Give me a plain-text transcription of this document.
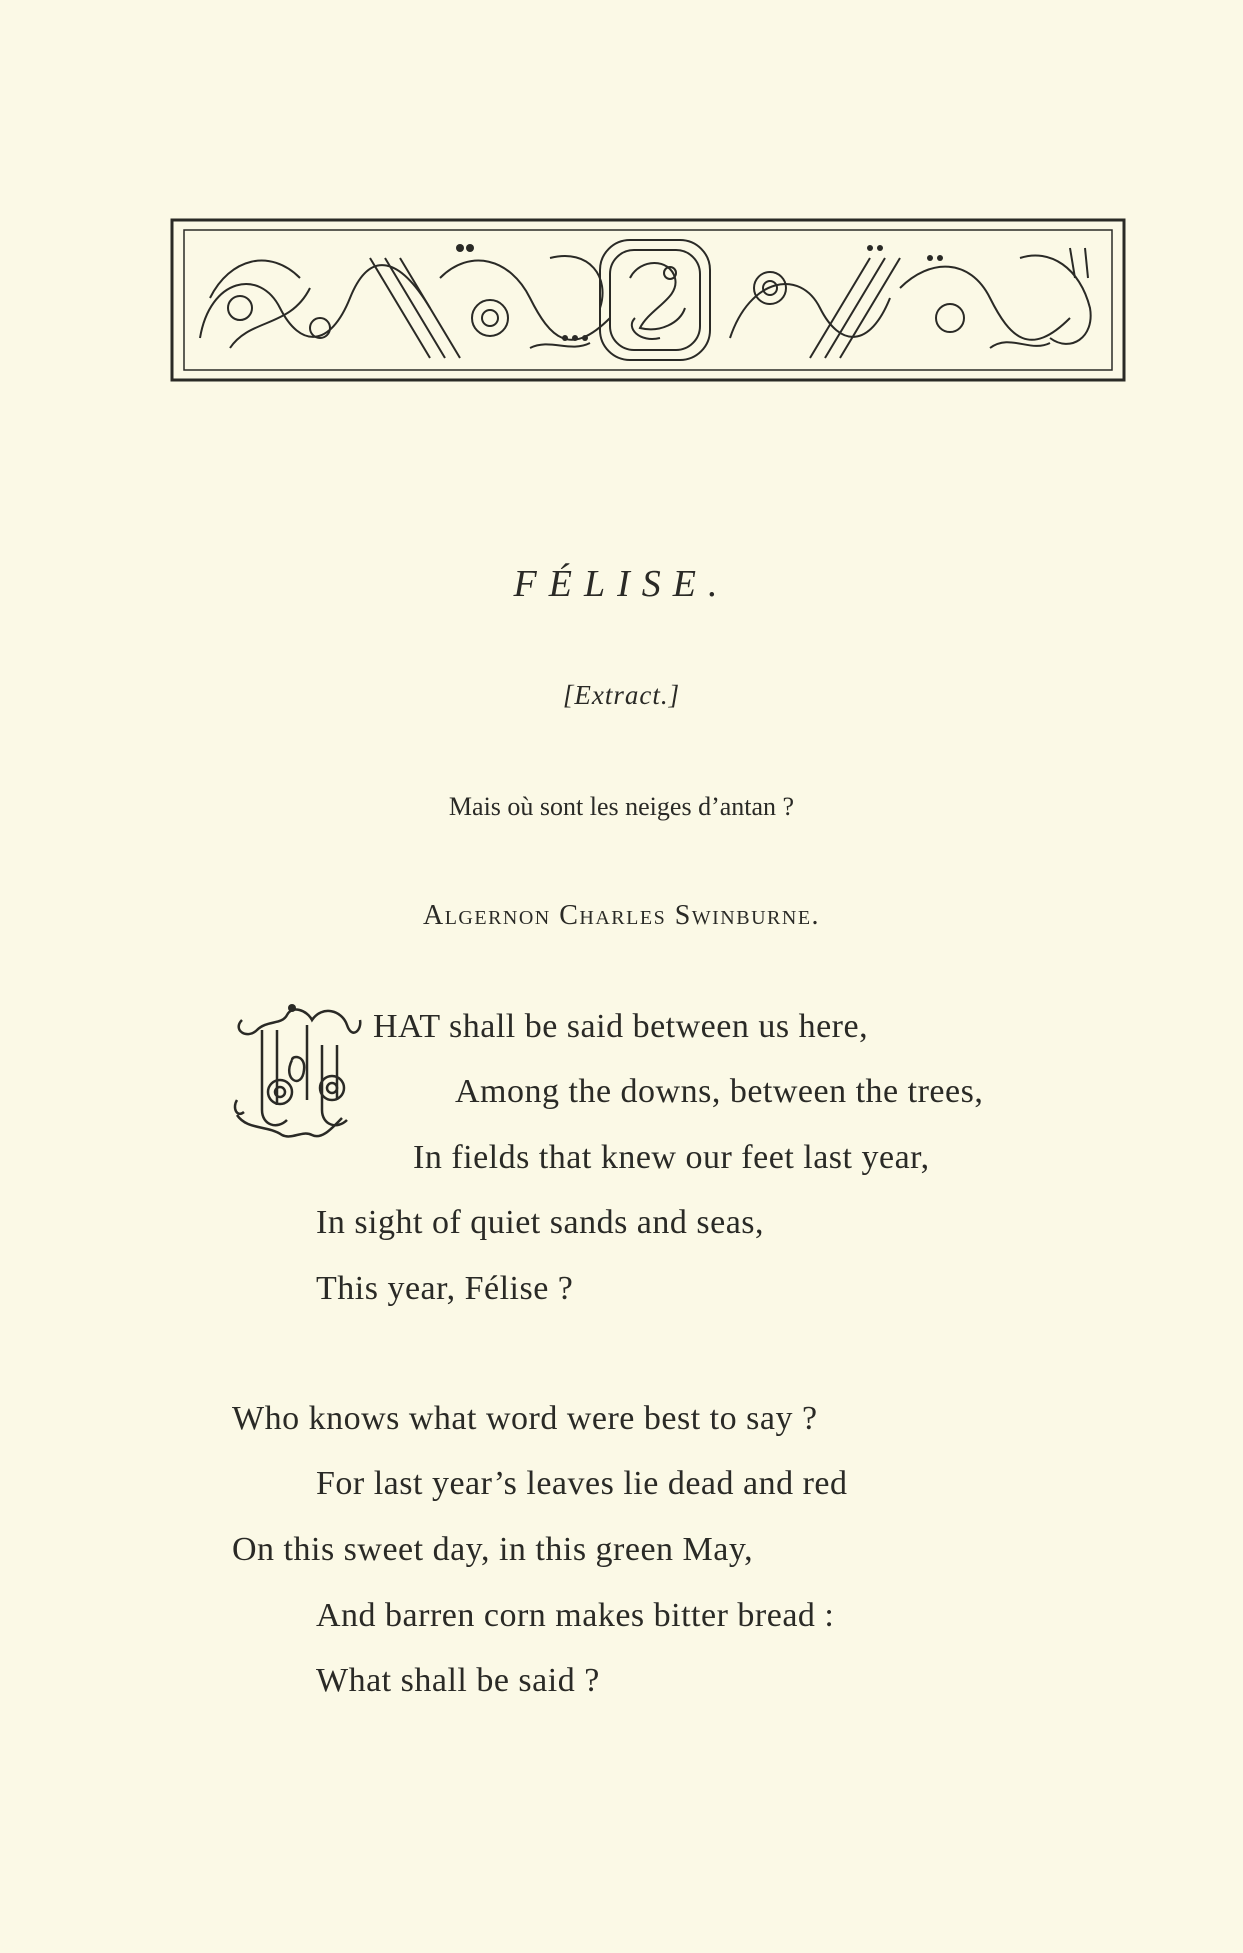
FÉLISE.
[Extract.]
Mais où sont les neiges d’antan ?
Algernon Charles Swinburne.
HAT shall be said between us here,
Among the downs, between the trees,
In fields that knew our feet last year,
In sight of quiet sands and seas,
This year, Félise ?
Who knows what word were best to say ?
For last year’s leaves lie dead and red
On this sweet day, in this green May,
And barren corn makes bitter bread :
What shall be said ?
